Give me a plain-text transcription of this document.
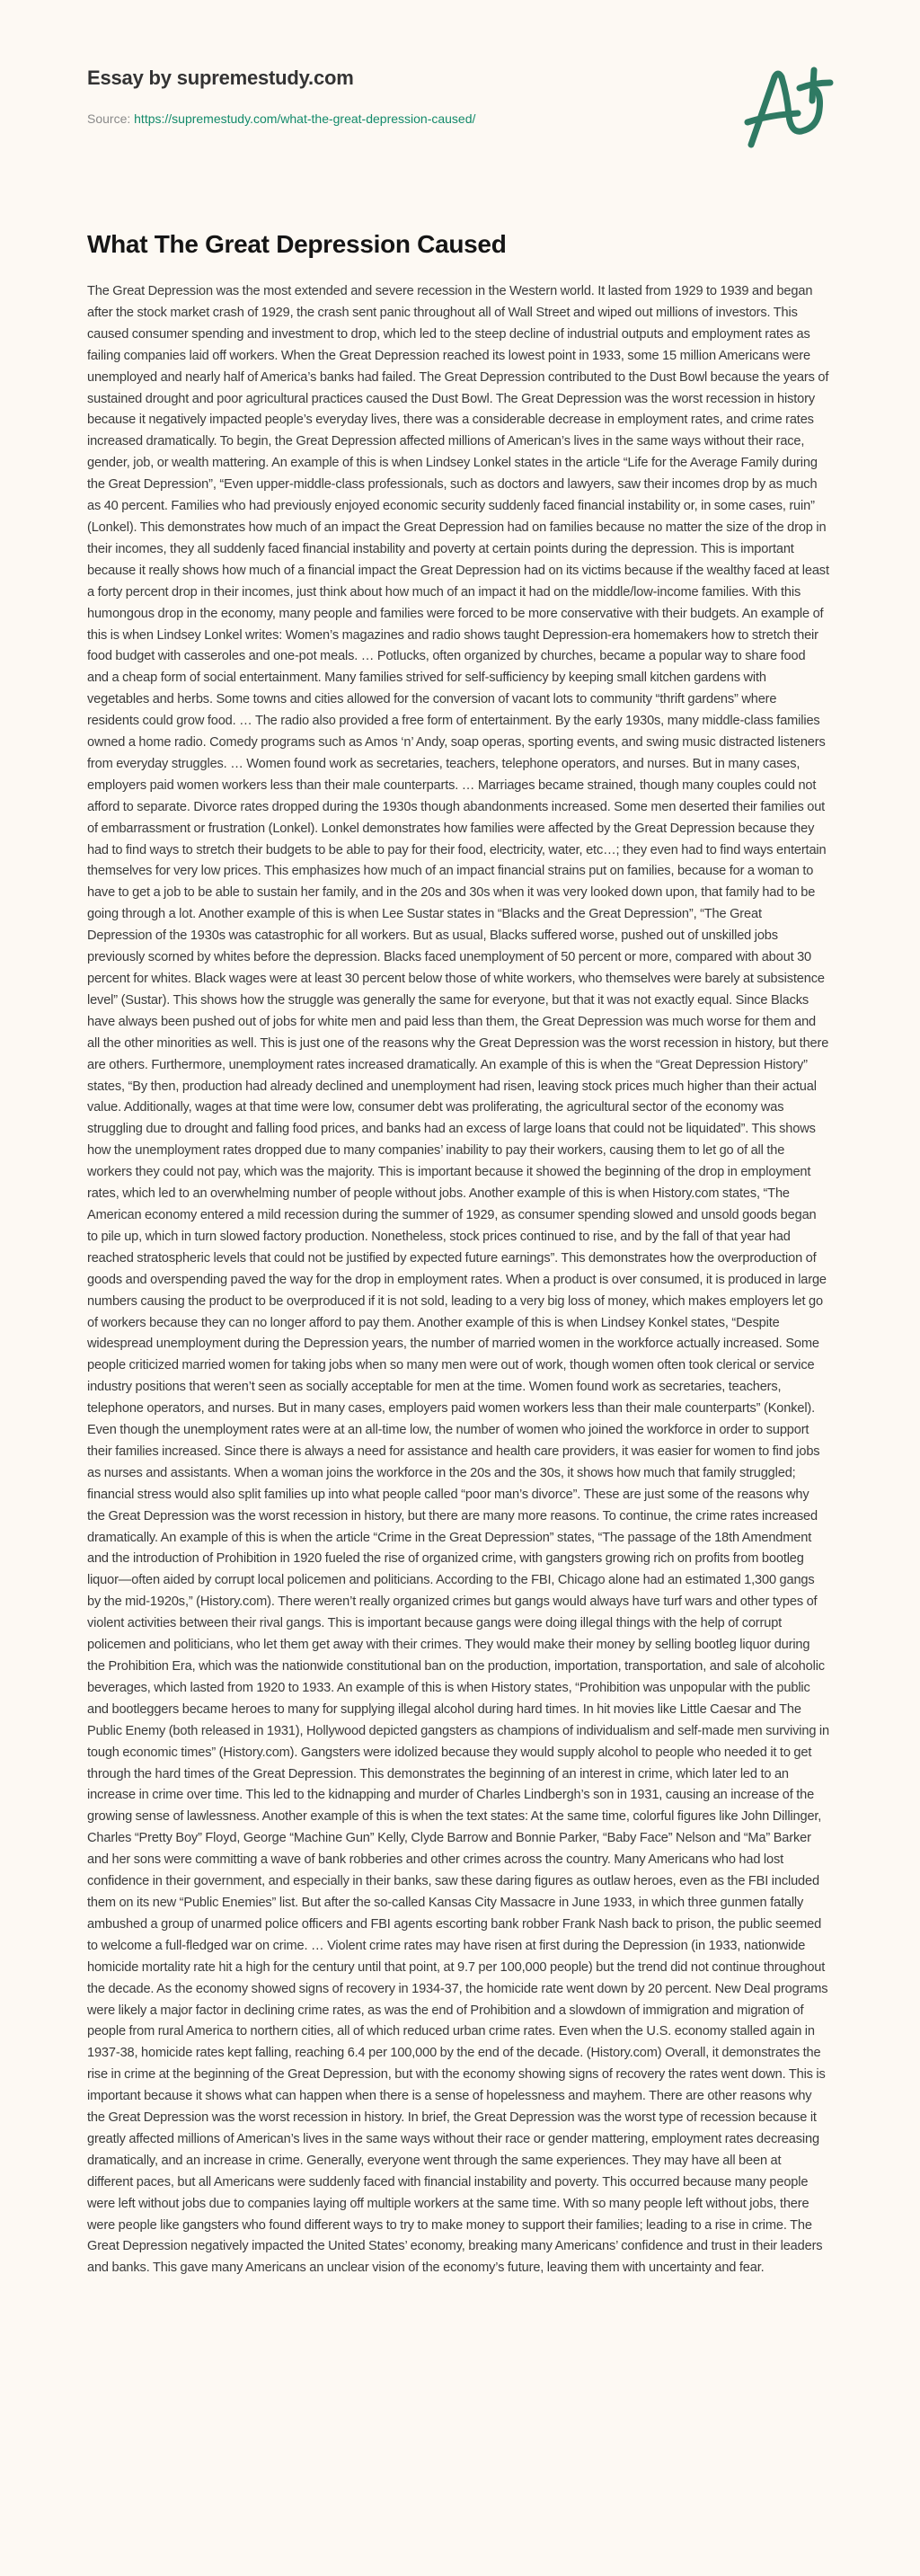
Essay by supremestudy.com

Source: https://supremestudy.com/what-the-great-depression-caused/

What The Great Depression Caused

The Great Depression was the most extended and severe recession in the Western world. It lasted from 1929 to 1939 and began after the stock market crash of 1929, the crash sent panic throughout all of Wall Street and wiped out millions of investors. This caused consumer spending and investment to drop, which led to the steep decline of industrial outputs and employment rates as failing companies laid off workers. When the Great Depression reached its lowest point in 1933, some 15 million Americans were unemployed and nearly half of America’s banks had failed. The Great Depression contributed to the Dust Bowl because the years of sustained drought and poor agricultural practices caused the Dust Bowl. The Great Depression was the worst recession in history because it negatively impacted people’s everyday lives, there was a considerable decrease in employment rates, and crime rates increased dramatically. To begin, the Great Depression affected millions of American’s lives in the same ways without their race, gender, job, or wealth mattering. An example of this is when Lindsey Lonkel states in the article “Life for the Average Family during the Great Depression”, “Even upper-middle-class professionals, such as doctors and lawyers, saw their incomes drop by as much as 40 percent. Families who had previously enjoyed economic security suddenly faced financial instability or, in some cases, ruin” (Lonkel). This demonstrates how much of an impact the Great Depression had on families because no matter the size of the drop in their incomes, they all suddenly faced financial instability and poverty at certain points during the depression. This is important because it really shows how much of a financial impact the Great Depression had on its victims because if the wealthy faced at least a forty percent drop in their incomes, just think about how much of an impact it had on the middle/low-income families. With this humongous drop in the economy, many people and families were forced to be more conservative with their budgets. An example of this is when Lindsey Lonkel writes: Women’s magazines and radio shows taught Depression-era homemakers how to stretch their food budget with casseroles and one-pot meals. … Potlucks, often organized by churches, became a popular way to share food and a cheap form of social entertainment. Many families strived for self-sufficiency by keeping small kitchen gardens with vegetables and herbs. Some towns and cities allowed for the conversion of vacant lots to community “thrift gardens” where residents could grow food. … The radio also provided a free form of entertainment. By the early 1930s, many middle-class families owned a home radio. Comedy programs such as Amos ‘n’ Andy, soap operas, sporting events, and swing music distracted listeners from everyday struggles. … Women found work as secretaries, teachers, telephone operators, and nurses. But in many cases, employers paid women workers less than their male counterparts. … Marriages became strained, though many couples could not afford to separate. Divorce rates dropped during the 1930s though abandonments increased. Some men deserted their families out of embarrassment or frustration (Lonkel). Lonkel demonstrates how families were affected by the Great Depression because they had to find ways to stretch their budgets to be able to pay for their food, electricity, water, etc…; they even had to find ways entertain themselves for very low prices. This emphasizes how much of an impact financial strains put on families, because for a woman to have to get a job to be able to sustain her family, and in the 20s and 30s when it was very looked down upon, that family had to be going through a lot. Another example of this is when Lee Sustar states in “Blacks and the Great Depression”, “The Great Depression of the 1930s was catastrophic for all workers. But as usual, Blacks suffered worse, pushed out of unskilled jobs previously scorned by whites before the depression. Blacks faced unemployment of 50 percent or more, compared with about 30 percent for whites. Black wages were at least 30 percent below those of white workers, who themselves were barely at subsistence level” (Sustar). This shows how the struggle was generally the same for everyone, but that it was not exactly equal. Since Blacks have always been pushed out of jobs for white men and paid less than them, the Great Depression was much worse for them and all the other minorities as well. This is just one of the reasons why the Great Depression was the worst recession in history, but there are others. Furthermore, unemployment rates increased dramatically. An example of this is when the “Great Depression History” states, “By then, production had already declined and unemployment had risen, leaving stock prices much higher than their actual value. Additionally, wages at that time were low, consumer debt was proliferating, the agricultural sector of the economy was struggling due to drought and falling food prices, and banks had an excess of large loans that could not be liquidated”. This shows how the unemployment rates dropped due to many companies’ inability to pay their workers, causing them to let go of all the workers they could not pay, which was the majority. This is important because it showed the beginning of the drop in employment rates, which led to an overwhelming number of people without jobs. Another example of this is when History.com states, “The American economy entered a mild recession during the summer of 1929, as consumer spending slowed and unsold goods began to pile up, which in turn slowed factory production. Nonetheless, stock prices continued to rise, and by the fall of that year had reached stratospheric levels that could not be justified by expected future earnings”. This demonstrates how the overproduction of goods and overspending paved the way for the drop in employment rates. When a product is over consumed, it is produced in large numbers causing the product to be overproduced if it is not sold, leading to a very big loss of money, which makes employers let go of workers because they can no longer afford to pay them. Another example of this is when Lindsey Konkel states, “Despite widespread unemployment during the Depression years, the number of married women in the workforce actually increased. Some people criticized married women for taking jobs when so many men were out of work, though women often took clerical or service industry positions that weren’t seen as socially acceptable for men at the time. Women found work as secretaries, teachers, telephone operators, and nurses. But in many cases, employers paid women workers less than their male counterparts” (Konkel). Even though the unemployment rates were at an all-time low, the number of women who joined the workforce in order to support their families increased. Since there is always a need for assistance and health care providers, it was easier for women to find jobs as nurses and assistants. When a woman joins the workforce in the 20s and the 30s, it shows how much that family struggled; financial stress would also split families up into what people called “poor man’s divorce”. These are just some of the reasons why the Great Depression was the worst recession in history, but there are many more reasons. To continue, the crime rates increased dramatically. An example of this is when the article “Crime in the Great Depression” states, “The passage of the 18th Amendment and the introduction of Prohibition in 1920 fueled the rise of organized crime, with gangsters growing rich on profits from bootleg liquor—often aided by corrupt local policemen and politicians. According to the FBI, Chicago alone had an estimated 1,300 gangs by the mid-1920s,” (History.com). There weren’t really organized crimes but gangs would always have turf wars and other types of violent activities between their rival gangs. This is important because gangs were doing illegal things with the help of corrupt policemen and politicians, who let them get away with their crimes. They would make their money by selling bootleg liquor during the Prohibition Era, which was the nationwide constitutional ban on the production, importation, transportation, and sale of alcoholic beverages, which lasted from 1920 to 1933. An example of this is when History states, “Prohibition was unpopular with the public and bootleggers became heroes to many for supplying illegal alcohol during hard times. In hit movies like Little Caesar and The Public Enemy (both released in 1931), Hollywood depicted gangsters as champions of individualism and self-made men surviving in tough economic times” (History.com). Gangsters were idolized because they would supply alcohol to people who needed it to get through the hard times of the Great Depression. This demonstrates the beginning of an interest in crime, which later led to an increase in crime over time. This led to the kidnapping and murder of Charles Lindbergh’s son in 1931, causing an increase of the growing sense of lawlessness. Another example of this is when the text states: At the same time, colorful figures like John Dillinger, Charles “Pretty Boy” Floyd, George “Machine Gun” Kelly, Clyde Barrow and Bonnie Parker, “Baby Face” Nelson and “Ma” Barker and her sons were committing a wave of bank robberies and other crimes across the country. Many Americans who had lost confidence in their government, and especially in their banks, saw these daring figures as outlaw heroes, even as the FBI included them on its new “Public Enemies” list. But after the so-called Kansas City Massacre in June 1933, in which three gunmen fatally ambushed a group of unarmed police officers and FBI agents escorting bank robber Frank Nash back to prison, the public seemed to welcome a full-fledged war on crime. … Violent crime rates may have risen at first during the Depression (in 1933, nationwide homicide mortality rate hit a high for the century until that point, at 9.7 per 100,000 people) but the trend did not continue throughout the decade. As the economy showed signs of recovery in 1934-37, the homicide rate went down by 20 percent. New Deal programs were likely a major factor in declining crime rates, as was the end of Prohibition and a slowdown of immigration and migration of people from rural America to northern cities, all of which reduced urban crime rates. Even when the U.S. economy stalled again in 1937-38, homicide rates kept falling, reaching 6.4 per 100,000 by the end of the decade. (History.com) Overall, it demonstrates the rise in crime at the beginning of the Great Depression, but with the economy showing signs of recovery the rates went down. This is important because it shows what can happen when there is a sense of hopelessness and mayhem. There are other reasons why the Great Depression was the worst recession in history. In brief, the Great Depression was the worst type of recession because it greatly affected millions of American’s lives in the same ways without their race or gender mattering, employment rates decreasing dramatically, and an increase in crime. Generally, everyone went through the same experiences. They may have all been at different paces, but all Americans were suddenly faced with financial instability and poverty. This occurred because many people were left without jobs due to companies laying off multiple workers at the same time. With so many people left without jobs, there were people like gangsters who found different ways to try to make money to support their families; leading to a rise in crime. The Great Depression negatively impacted the United States’ economy, breaking many Americans’ confidence and trust in their leaders and banks. This gave many Americans an unclear vision of the economy’s future, leaving them with uncertainty and fear.
